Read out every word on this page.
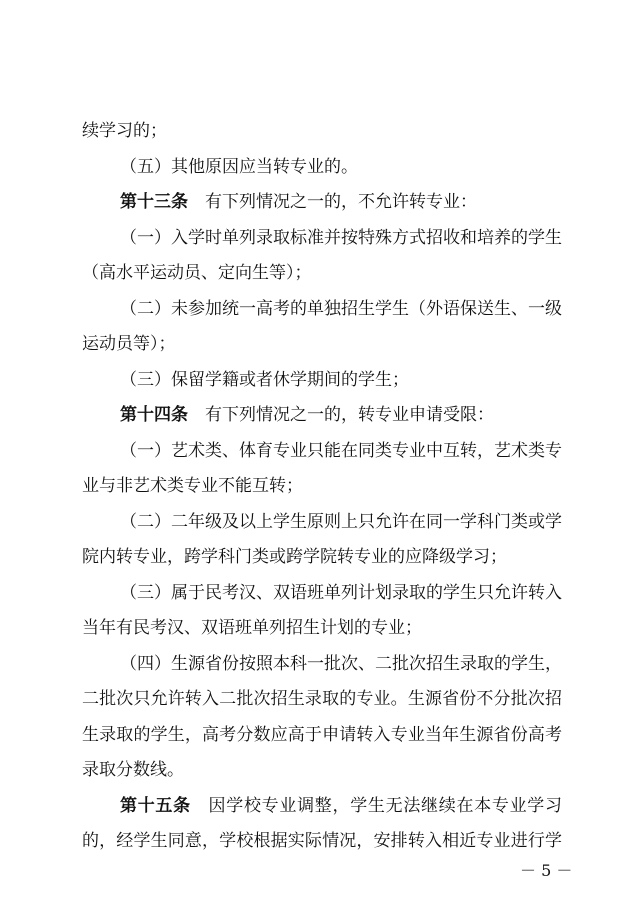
续学习的；
（五）其他原因应当转专业的。
第十三条　有下列情况之一的，不允许转专业：
（一）入学时单列录取标准并按特殊方式招收和培养的学生
（高水平运动员、定向生等）；
（二）未参加统一高考的单独招生学生（外语保送生、一级
运动员等）；
（三）保留学籍或者休学期间的学生；
第十四条　有下列情况之一的，转专业申请受限：
（一）艺术类、体育专业只能在同类专业中互转，艺术类专
业与非艺术类专业不能互转；
（二）二年级及以上学生原则上只允许在同一学科门类或学
院内转专业，跨学科门类或跨学院转专业的应降级学习；
（三）属于民考汉、双语班单列计划录取的学生只允许转入
当年有民考汉、双语班单列招生计划的专业；
（四）生源省份按照本科一批次、二批次招生录取的学生，
二批次只允许转入二批次招生录取的专业。生源省份不分批次招
生录取的学生，高考分数应高于申请转入专业当年生源省份高考
录取分数线。
第十五条　因学校专业调整，学生无法继续在本专业学习
的，经学生同意，学校根据实际情况，安排转入相近专业进行学
－ 5 －
